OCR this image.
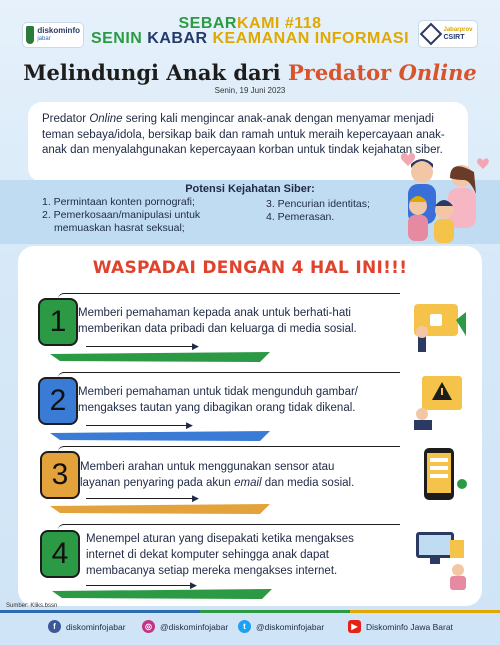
diskominfo
jabar
Jabarprov
CSIRT
SEBARKAMI #118
SENIN KABAR KEAMANAN INFORMASI
Melindungi Anak dari Predator Online
Senin, 19 Juni 2023
Predator Online sering kali mengincar anak-anak dengan menyamar menjadi teman sebaya/idola, bersikap baik dan ramah untuk meraih kepercayaan anak-anak dan menyalahgunakan kepercayaan korban untuk tindak kejahatan siber.
Potensi Kejahatan Siber:
1. Permintaan konten pornografi;
2. Pemerkosaan/manipulasi untuk
memuaskan hasrat seksual;
3. Pencurian identitas;
4. Pemerasan.
WASPADAI DENGAN 4 HAL INI!!!
1	Memberi pemahaman kepada anak untuk berhati-hati
memberikan data pribadi dan keluarga di media sosial.
▶
2	Memberi pemahaman untuk tidak mengunduh gambar/
mengakses tautan yang dibagikan orang tidak dikenal.
▶
3	Memberi arahan untuk menggunakan sensor atau
layanan penyaring pada akun email dan media sosial.
▶
4	Menempel aturan yang disepakati ketika mengakses
internet di dekat komputer sehingga anak dapat
membacanya setiap mereka mengakses internet.
▶
Sumber: Kliks.bssn
f	diskominfojabar	◎ @diskominfojabar	t	@diskominfojabar	▶ Diskominfo Jawa Barat
